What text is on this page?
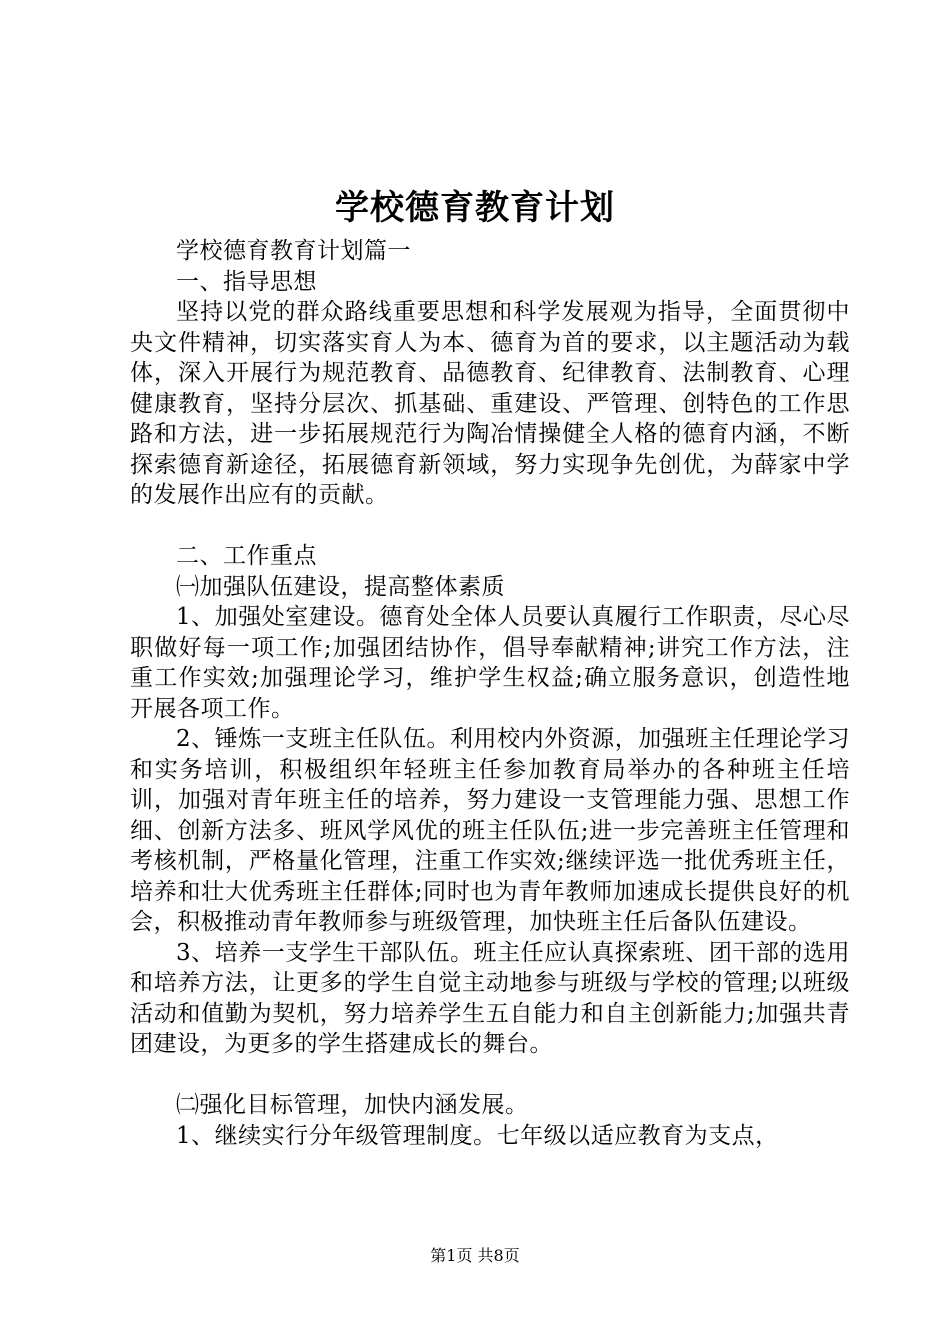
学校德育教育计划

学校德育教育计划篇一

一、指导思想

坚持以党的群众路线重要思想和科学发展观为指导，全面贯彻中央文件精神，切实落实育人为本、德育为首的要求，以主题活动为载体，深入开展行为规范教育、品德教育、纪律教育、法制教育、心理健康教育，坚持分层次、抓基础、重建设、严管理、创特色的工作思路和方法，进一步拓展规范行为陶冶情操健全人格的德育内涵，不断探索德育新途径，拓展德育新领域，努力实现争先创优，为薛家中学的发展作出应有的贡献。

二、工作重点

㈠加强队伍建设，提高整体素质

1、加强处室建设。德育处全体人员要认真履行工作职责，尽心尽职做好每一项工作;加强团结协作，倡导奉献精神;讲究工作方法，注重工作实效;加强理论学习，维护学生权益;确立服务意识，创造性地开展各项工作。

2、锤炼一支班主任队伍。利用校内外资源，加强班主任理论学习和实务培训，积极组织年轻班主任参加教育局举办的各种班主任培训，加强对青年班主任的培养，努力建设一支管理能力强、思想工作细、创新方法多、班风学风优的班主任队伍;进一步完善班主任管理和考核机制，严格量化管理，注重工作实效;继续评选一批优秀班主任，培养和壮大优秀班主任群体;同时也为青年教师加速成长提供良好的机会，积极推动青年教师参与班级管理，加快班主任后备队伍建设。

3、培养一支学生干部队伍。班主任应认真探索班、团干部的选用和培养方法，让更多的学生自觉主动地参与班级与学校的管理;以班级活动和值勤为契机，努力培养学生五自能力和自主创新能力;加强共青团建设，为更多的学生搭建成长的舞台。

㈡强化目标管理，加快内涵发展。

1、继续实行分年级管理制度。七年级以适应教育为支点，

第1页 共8页
